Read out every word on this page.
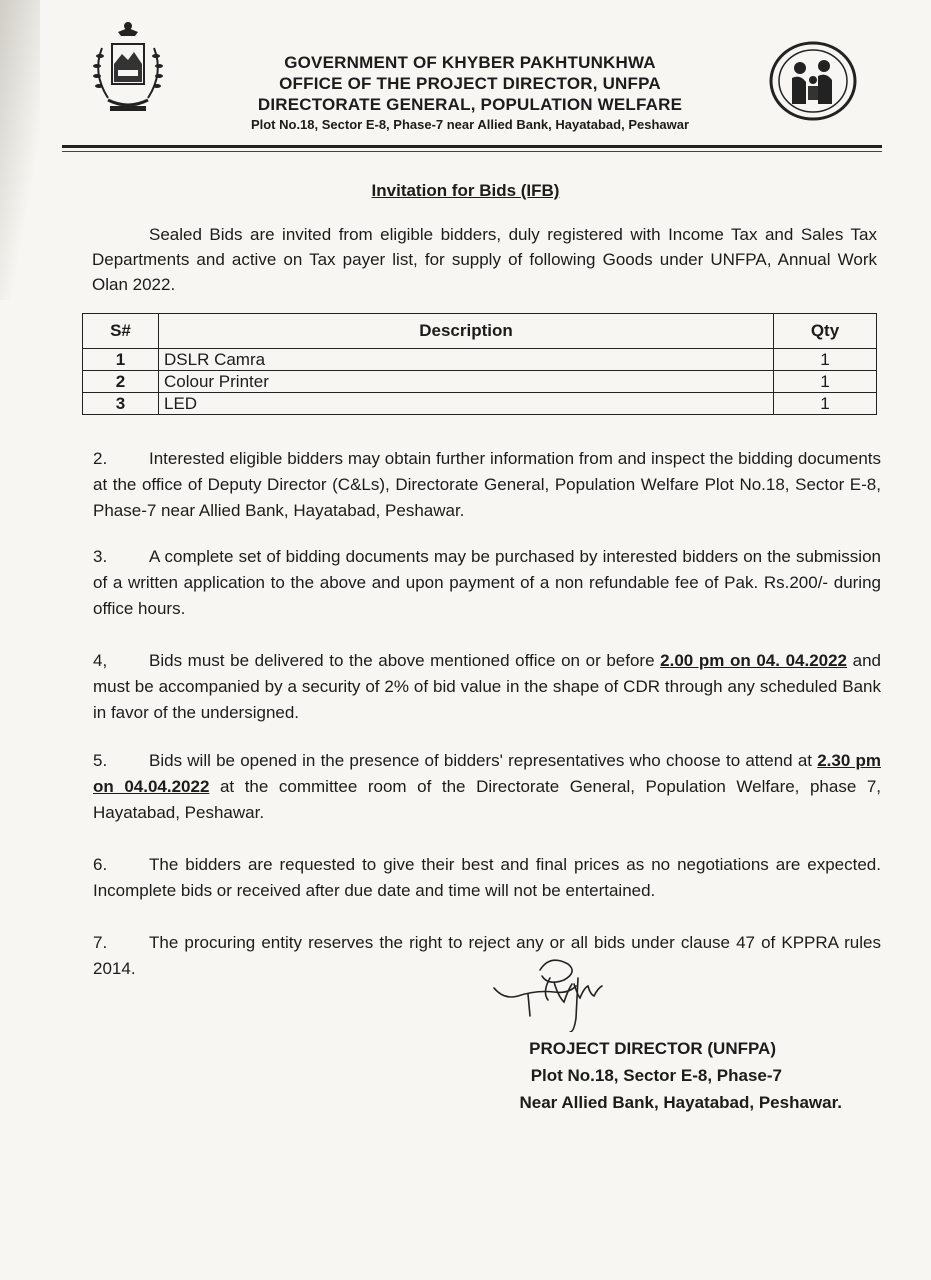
GOVERNMENT OF KHYBER PAKHTUNKHWA
OFFICE OF THE PROJECT DIRECTOR, UNFPA
DIRECTORATE GENERAL, POPULATION WELFARE
Plot No.18, Sector E-8, Phase-7 near Allied Bank, Hayatabad, Peshawar
Invitation for Bids (IFB)
Sealed Bids are invited from eligible bidders, duly registered with Income Tax and Sales Tax Departments and active on Tax payer list, for supply of following Goods under UNFPA, Annual Work Olan 2022.
S#	Description	Qty
1	DSLR Camra	1
2	Colour Printer	1
3	LED	1
2. Interested eligible bidders may obtain further information from and inspect the bidding documents at the office of Deputy Director (C&Ls), Directorate General, Population Welfare Plot No.18, Sector E-8, Phase-7 near Allied Bank, Hayatabad, Peshawar.
3. A complete set of bidding documents may be purchased by interested bidders on the submission of a written application to the above and upon payment of a non refundable fee of Pak. Rs.200/- during office hours.
4, Bids must be delivered to the above mentioned office on or before 2.00 pm on 04. 04.2022 and must be accompanied by a security of 2% of bid value in the shape of CDR through any scheduled Bank in favor of the undersigned.
5. Bids will be opened in the presence of bidders' representatives who choose to attend at 2.30 pm on 04.04.2022 at the committee room of the Directorate General, Population Welfare, phase 7, Hayatabad, Peshawar.
6. The bidders are requested to give their best and final prices as no negotiations are expected. Incomplete bids or received after due date and time will not be entertained.
7. The procuring entity reserves the right to reject any or all bids under clause 47 of KPPRA rules 2014.
PROJECT DIRECTOR (UNFPA)
Plot No.18, Sector E-8, Phase-7
Near Allied Bank, Hayatabad, Peshawar.
